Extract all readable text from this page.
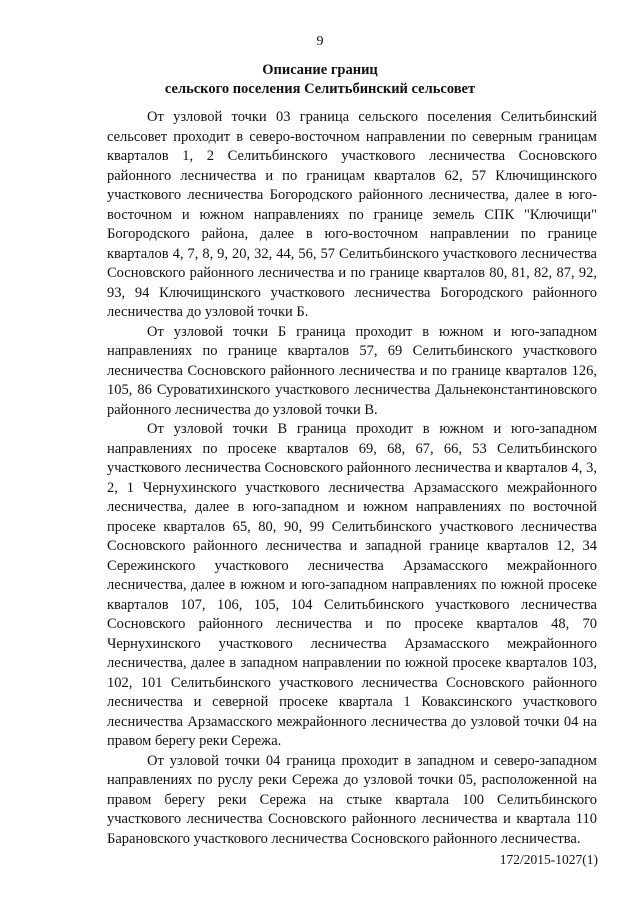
9
Описание границ
сельского поселения Селитьбинский сельсовет

От узловой точки 03 граница сельского поселения Селитьбинский сельсовет проходит в северо-восточном направлении по северным границам кварталов 1, 2 Селитьбинского участкового лесничества Сосновского районного лесничества и по границам кварталов 62, 57 Ключищинского участкового лесничества Богородского районного лесничества, далее в юго-восточном и южном направлениях по границе земель СПК "Ключищи" Богородского района, далее в юго-восточном направлении по границе кварталов 4, 7, 8, 9, 20, 32, 44, 56, 57 Селитьбинского участкового лесничества Сосновского районного лесничества и по границе кварталов 80, 81, 82, 87, 92, 93, 94 Ключищинского участкового лесничества Богородского районного лесничества до узловой точки Б.

От узловой точки Б граница проходит в южном и юго-западном направлениях по границе кварталов 57, 69 Селитьбинского участкового лесничества Сосновского районного лесничества и по границе кварталов 126, 105, 86 Суроватихинского участкового лесничества Дальнеконстантиновского районного лесничества до узловой точки В.

От узловой точки В граница проходит в южном и юго-западном направлениях по просеке кварталов 69, 68, 67, 66, 53 Селитьбинского участкового лесничества Сосновского районного лесничества и кварталов 4, 3, 2, 1 Чернухинского участкового лесничества Арзамасского межрайонного лесничества, далее в юго-западном и южном направлениях по восточной просеке кварталов 65, 80, 90, 99 Селитьбинского участкового лесничества Сосновского районного лесничества и западной границе кварталов 12, 34 Сережинского участкового лесничества Арзамасского межрайонного лесничества, далее в южном и юго-западном направлениях по южной просеке кварталов 107, 106, 105, 104 Селитьбинского участкового лесничества Сосновского районного лесничества и по просеке кварталов 48, 70 Чернухинского участкового лесничества Арзамасского межрайонного лесничества, далее в западном направлении по южной просеке кварталов 103, 102, 101 Селитьбинского участкового лесничества Сосновского районного лесничества и северной просеке квартала 1 Коваксинского участкового лесничества Арзамасского межрайонного лесничества до узловой точки 04 на правом берегу реки Сережа.

От узловой точки 04 граница проходит в западном и северо-западном направлениях по руслу реки Сережа до узловой точки 05, расположенной на правом берегу реки Сережа на стыке квартала 100 Селитьбинского участкового лесничества Сосновского районного лесничества и квартала 110 Барановского участкового лесничества Сосновского районного лесничества.

172/2015-1027(1)
